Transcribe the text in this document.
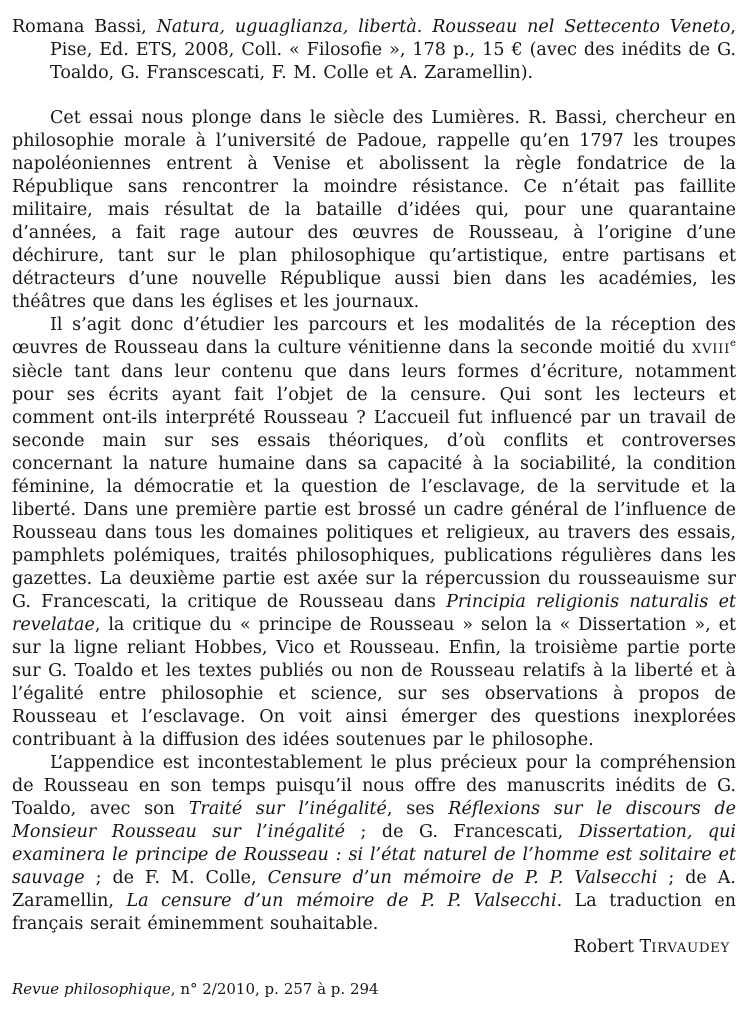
Romana Bassi, Natura, uguaglianza, libertà. Rousseau nel Settecento Veneto, Pise, Ed. ETS, 2008, Coll. « Filosofie », 178 p., 15 € (avec des inédits de G. Toaldo, G. Franscescati, F. M. Colle et A. Zaramellin).

Cet essai nous plonge dans le siècle des Lumières. R. Bassi, chercheur en philosophie morale à l’université de Padoue, rappelle qu’en 1797 les troupes napoléoniennes entrent à Venise et abolissent la règle fondatrice de la République sans rencontrer la moindre résistance. Ce n’était pas faillite militaire, mais résultat de la bataille d’idées qui, pour une quarantaine d’années, a fait rage autour des œuvres de Rousseau, à l’origine d’une déchirure, tant sur le plan philosophique qu’artistique, entre partisans et détracteurs d’une nouvelle République aussi bien dans les académies, les théâtres que dans les églises et les journaux.

Il s’agit donc d’étudier les parcours et les modalités de la réception des œuvres de Rousseau dans la culture vénitienne dans la seconde moitié du XVIIIe siècle tant dans leur contenu que dans leurs formes d’écriture, notamment pour ses écrits ayant fait l’objet de la censure. Qui sont les lecteurs et comment ont-ils interprété Rousseau ? L’accueil fut influencé par un travail de seconde main sur ses essais théoriques, d’où conflits et controverses concernant la nature humaine dans sa capacité à la sociabilité, la condition féminine, la démocratie et la question de l’esclavage, de la servitude et la liberté. Dans une première partie est brossé un cadre général de l’influence de Rousseau dans tous les domaines politiques et religieux, au travers des essais, pamphlets polémiques, traités philosophiques, publications régulières dans les gazettes. La deuxième partie est axée sur la répercussion du rousseauisme sur G. Francescati, la critique de Rousseau dans Principia religionis naturalis et revelatae, la critique du « principe de Rousseau » selon la « Dissertation », et sur la ligne reliant Hobbes, Vico et Rousseau. Enfin, la troisième partie porte sur G. Toaldo et les textes publiés ou non de Rousseau relatifs à la liberté et à l’égalité entre philosophie et science, sur ses observations à propos de Rousseau et l’esclavage. On voit ainsi émerger des questions inexplorées contribuant à la diffusion des idées soutenues par le philosophe.

L’appendice est incontestablement le plus précieux pour la compréhension de Rousseau en son temps puisqu’il nous offre des manuscrits inédits de G. Toaldo, avec son Traité sur l’inégalité, ses Réflexions sur le discours de Monsieur Rousseau sur l’inégalité ; de G. Francescati, Dissertation, qui examinera le principe de Rousseau : si l’état naturel de l’homme est solitaire et sauvage ; de F. M. Colle, Censure d’un mémoire de P. P. Valsecchi ; de A. Zaramellin, La censure d’un mémoire de P. P. Valsecchi. La traduction en français serait éminemment souhaitable.

Robert TIRVAUDEY

Revue philosophique, n° 2/2010, p. 257 à p. 294
